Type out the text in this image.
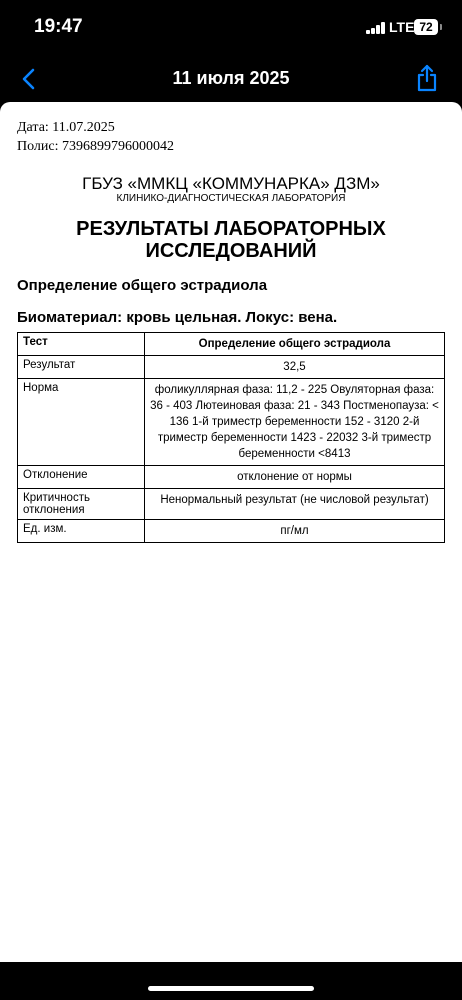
19:47	LTE 72
11 июля 2025
Дата: 11.07.2025
Полис: 7396899796000042
ГБУЗ «ММКЦ «КОММУНАРКА» ДЗМ»
КЛИНИКО-ДИАГНОСТИЧЕСКАЯ ЛАБОРАТОРИЯ
РЕЗУЛЬТАТЫ ЛАБОРАТОРНЫХ
ИССЛЕДОВАНИЙ
Определение общего эстрадиола
Биоматериал: кровь цельная. Локус: вена.
Тест	Определение общего эстрадиола
Результат	32,5
Норма	фоликуллярная фаза: 11,2 - 225 Овуляторная фаза: 36 - 403 Лютеиновая фаза: 21 - 343 Постменопауза: < 136 1-й триместр беременности 152 - 3120 2-й триместр беременности 1423 - 22032 3-й триместр беременности <8413
Отклонение	отклонение от нормы
Критичность отклонения	Ненормальный результат (не числовой результат)
Ед. изм.	пг/мл
